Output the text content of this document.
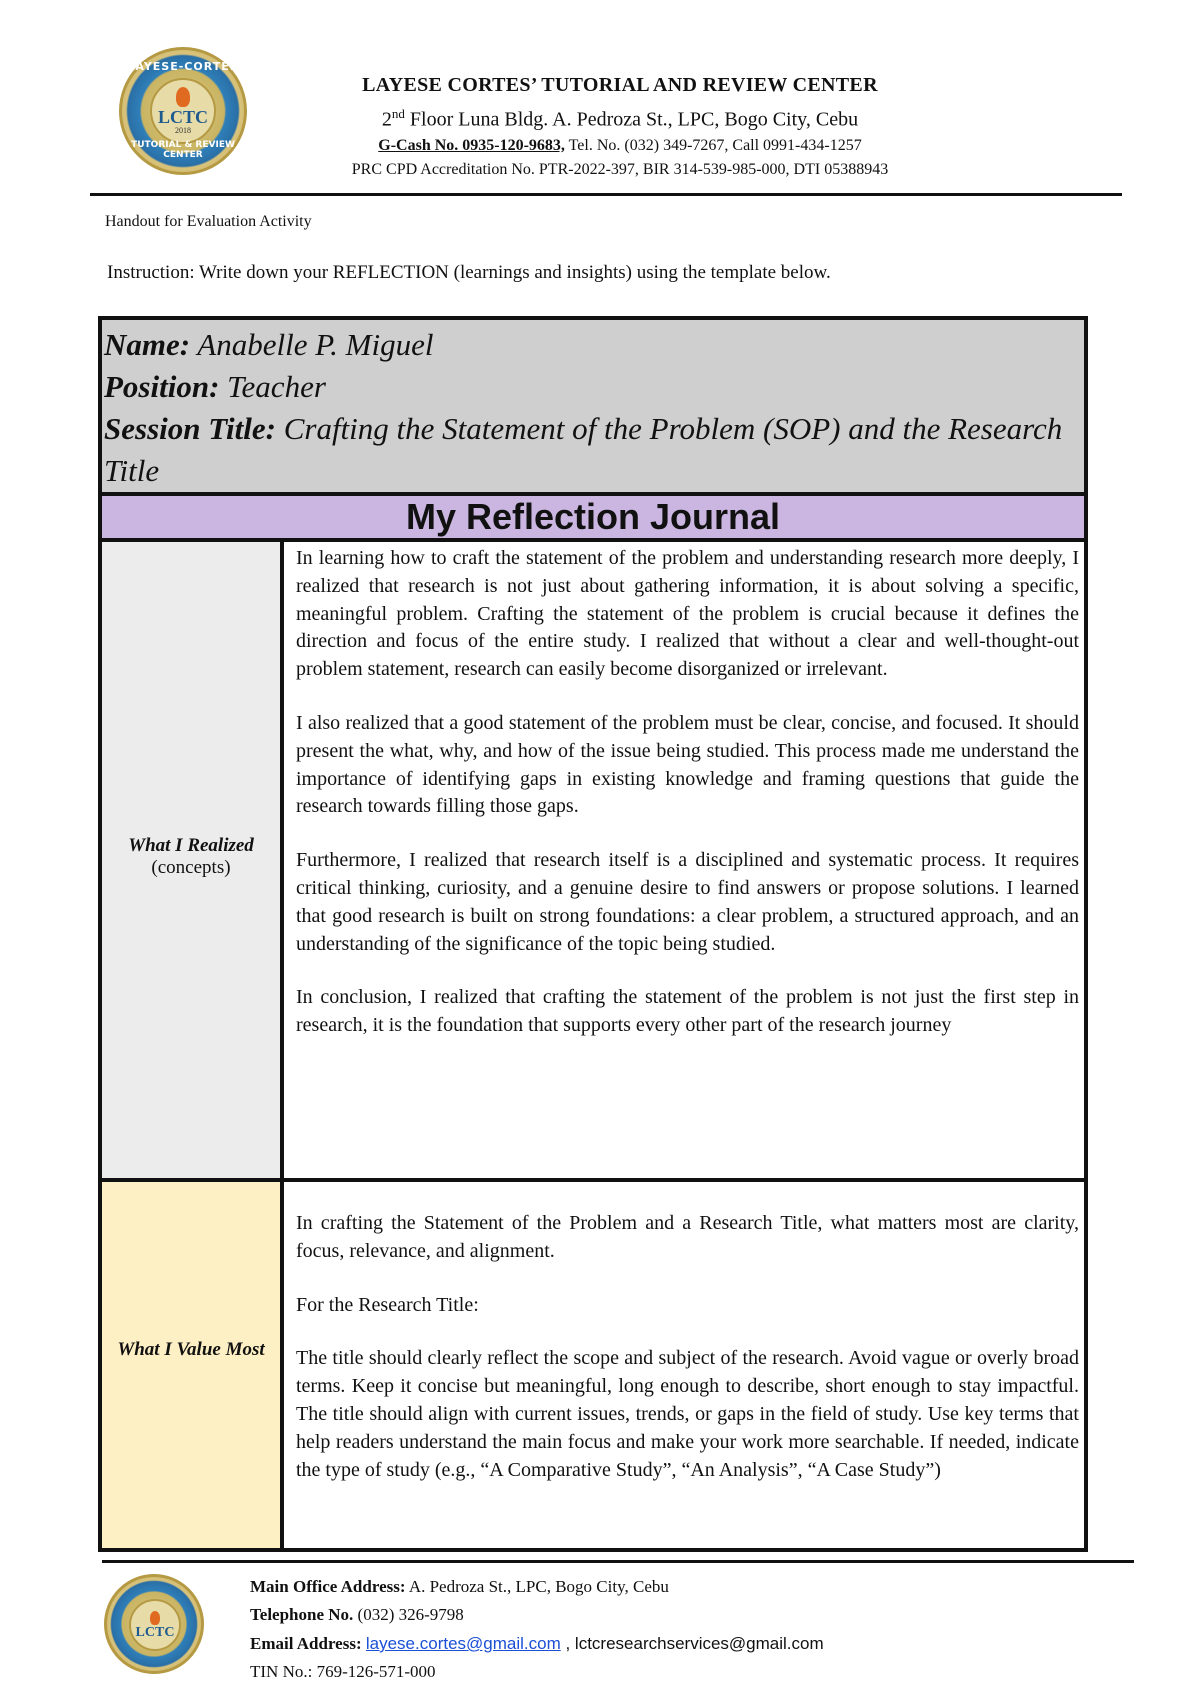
LAYESE-CORTES
LCTC
2018
TUTORIAL & REVIEW CENTER
LAYESE CORTES’ TUTORIAL AND REVIEW CENTER
2nd Floor Luna Bldg. A. Pedroza St., LPC, Bogo City, Cebu
G-Cash No. 0935-120-9683, Tel. No. (032) 349-7267, Call 0991-434-1257
PRC CPD Accreditation No. PTR-2022-397, BIR 314-539-985-000, DTI 05388943
Handout for Evaluation Activity
Instruction: Write down your REFLECTION (learnings and insights) using the template below.
Name: Anabelle P. Miguel
Position: Teacher
Session Title: Crafting the Statement of the Problem (SOP) and the Research Title
My Reflection Journal
What I Realized
(concepts)

In learning how to craft the statement of the problem and understanding research more deeply, I realized that research is not just about gathering information, it is about solving a specific, meaningful problem. Crafting the statement of the problem is crucial because it defines the direction and focus of the entire study. I realized that without a clear and well-thought-out problem statement, research can easily become disorganized or irrelevant.

I also realized that a good statement of the problem must be clear, concise, and focused. It should present the what, why, and how of the issue being studied. This process made me understand the importance of identifying gaps in existing knowledge and framing questions that guide the research towards filling those gaps.

Furthermore, I realized that research itself is a disciplined and systematic process. It requires critical thinking, curiosity, and a genuine desire to find answers or propose solutions. I learned that good research is built on strong foundations: a clear problem, a structured approach, and an understanding of the significance of the topic being studied.

In conclusion, I realized that crafting the statement of the problem is not just the first step in research, it is the foundation that supports every other part of the research journey

What I Value Most

In crafting the Statement of the Problem and a Research Title, what matters most are clarity, focus, relevance, and alignment.

For the Research Title:

The title should clearly reflect the scope and subject of the research. Avoid vague or overly broad terms. Keep it concise but meaningful, long enough to describe, short enough to stay impactful. The title should align with current issues, trends, or gaps in the field of study. Use key terms that help readers understand the main focus and make your work more searchable. If needed, indicate the type of study (e.g., “A Comparative Study”, “An Analysis”, “A Case Study”)

LCTC
Main Office Address: A. Pedroza St., LPC, Bogo City, Cebu
Telephone No. (032) 326-9798
Email Address: layese.cortes@gmail.com , lctcresearchservices@gmail.com
TIN No.: 769-126-571-000
